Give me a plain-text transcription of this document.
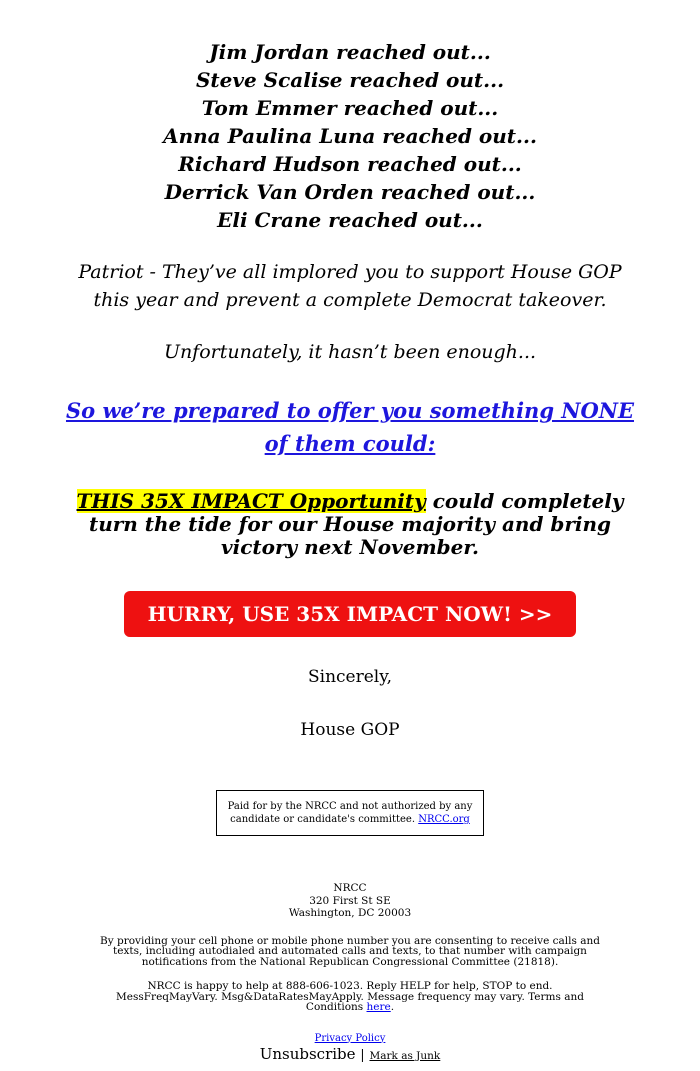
Jim Jordan reached out...
Steve Scalise reached out...
Tom Emmer reached out...
Anna Paulina Luna reached out...
Richard Hudson reached out...
Derrick Van Orden reached out...
Eli Crane reached out...

Patriot - They’ve all implored you to support House GOP this year and prevent a complete Democrat takeover.

Unfortunately, it hasn’t been enough...

So we’re prepared to offer you something NONE of them could:

THIS 35X IMPACT Opportunity could completely turn the tide for our House majority and bring victory next November.

HURRY, USE 35X IMPACT NOW! >>

Sincerely,

House GOP

Paid for by the NRCC and not authorized by any candidate or candidate's committee. NRCC.org
NRCC
320 First St SE
Washington, DC 20003

By providing your cell phone or mobile phone number you are consenting to receive calls and texts, including autodialed and automated calls and texts, to that number with campaign notifications from the National Republican Congressional Committee (21818).

NRCC is happy to help at 888-606-1023. Reply HELP for help, STOP to end. MessFreqMayVary. Msg&DataRatesMayApply. Message frequency may vary. Terms and Conditions here.

Privacy Policy
Unsubscribe | Mark as Junk
